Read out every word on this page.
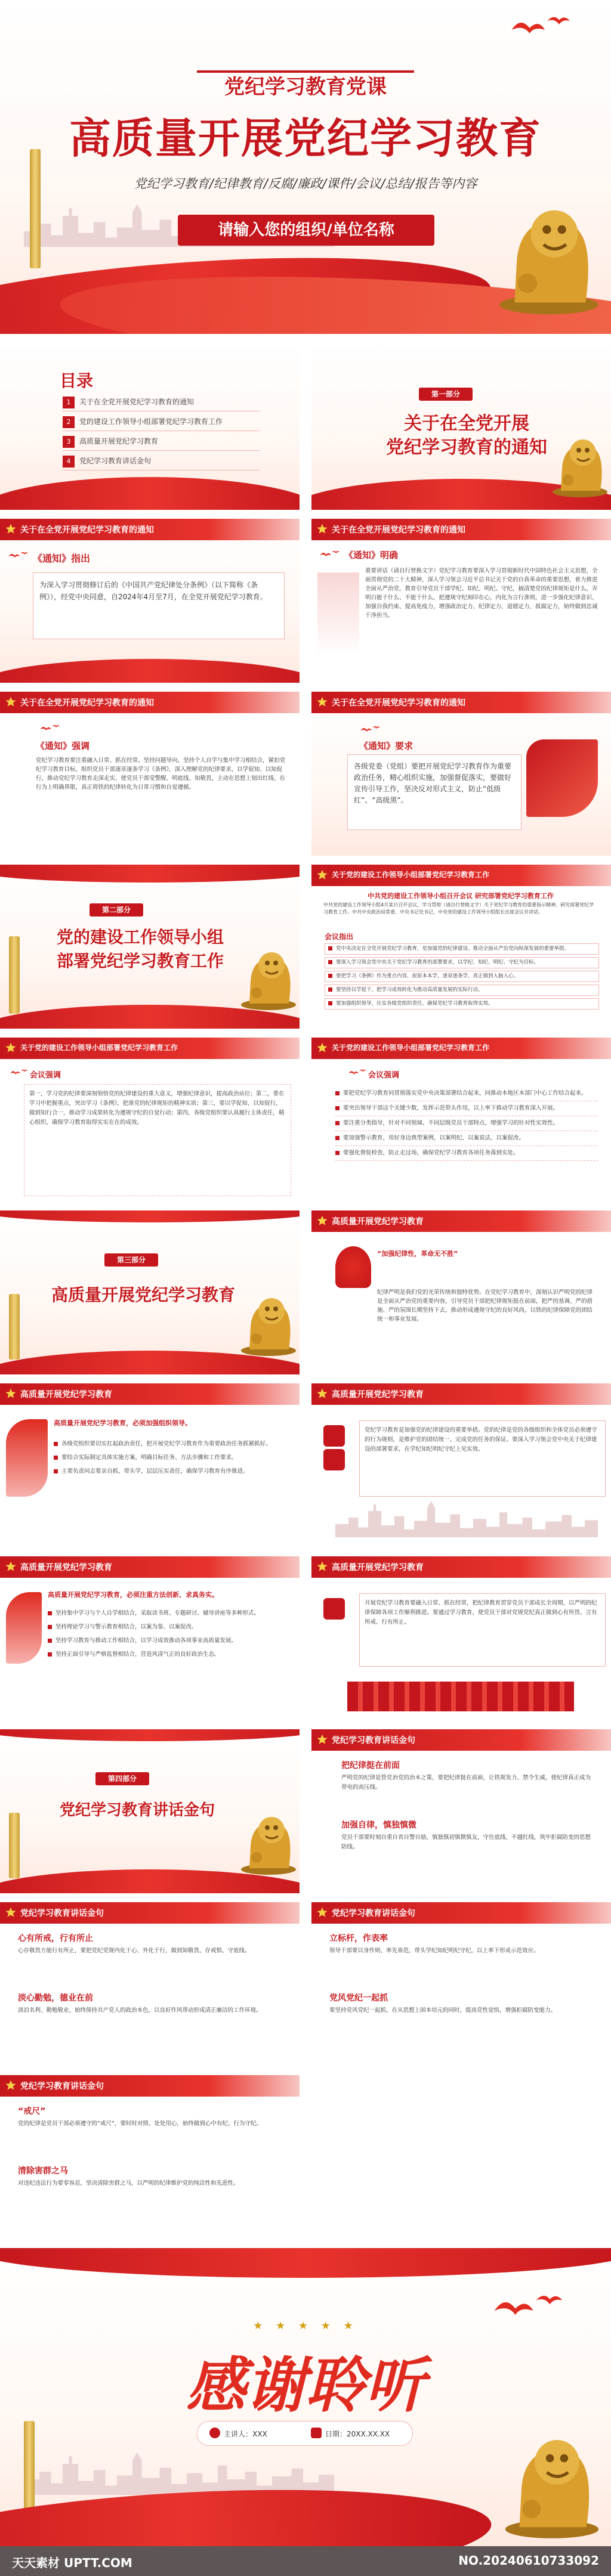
党纪学习教育党课
高质量开展党纪学习教育
党纪学习教育/纪律教育/反腐/廉政/课件/会议/总结/报告等内容
请输入您的组织/单位名称
目录
1 关于在全党开展党纪学习教育的通知
2 党的建设工作领导小组部署党纪学习教育工作
3 高质量开展党纪学习教育
4 党纪学习教育讲话金句
第一部分
关于在全党开展
党纪学习教育的通知
关于在全党开展党纪学习教育的通知
《通知》指出
为深入学习贯彻修订后的《中国共产党纪律处分条例》（以下简称《条例》），经党中央同意，自2024年4月至7月，在全党开展党纪学习教育。
关于在全党开展党纪学习教育的通知
《通知》明确
重要讲话（请自行替换文字）党纪学习教育要深入学习贯彻新时代中国特色社会主义思想，全面贯彻党的二十大精神，深入学习领会习近平总书记关于党的自我革命的重要思想，着力推进全面从严治党，教育引导党员干部学纪、知纪、明纪、守纪，搞清楚党的纪律规矩是什么，弄明白能干什么、不能干什么，把遵规守纪刻印在心，内化为言行准则，进一步强化纪律意识、加强自我约束、提高免疫力，增强政治定力、纪律定力、道德定力、抵腐定力，始终做到忠诚干净担当。
关于在全党开展党纪学习教育的通知
《通知》强调
党纪学习教育要注重融入日常、抓在经常。坚持问题导向，坚持个人自学与集中学习相结合，紧扣党纪学习教育目标，组织党员干部逐章逐条学习《条例》，深入理解党的纪律要求，以学促知、以知促行，推动党纪学习教育走深走实，使党员干部受警醒、明底线、知敬畏，主动在思想上划出红线、在行为上明确界限，真正将铁的纪律转化为日常习惯和自觉遵循。
关于在全党开展党纪学习教育的通知
《通知》要求
各级党委（党组）要把开展党纪学习教育作为重要政治任务，精心组织实施，加强督促落实，要做好宣传引导工作，坚决反对形式主义，防止“低级红”、“高级黑”。
第二部分
党的建设工作领导小组
部署党纪学习教育工作
关于党的建设工作领导小组部署党纪学习教育工作
中共党的建设工作领导小组召开会议 研究部署党纪学习教育工作
中共党的建设工作领导小组4月某日召开会议，学习贯彻（请自行替换文字）关于党纪学习教育的重要指示精神，研究部署党纪学习教育工作。中共中央政治局常委、中央书记处书记、中央党的建设工作领导小组组长出席会议并讲话。
会议指出
党中央决定在全党开展党纪学习教育，是加强党的纪律建设、推动全面从严治党向纵深发展的重要举措。
要深入学习领会党中央关于党纪学习教育的部署要求，以学纪、知纪、明纪、守纪为目标。
要把学习《条例》作为重点内容，原原本本学，逐章逐条学，真正做到入脑入心。
要坚持以学促干，把学习成效转化为推动高质量发展的实际行动。
要加强组织领导，压实各级党组织责任，确保党纪学习教育取得实效。
关于党的建设工作领导小组部署党纪学习教育工作
会议强调
第一，学习党的纪律要深刻领悟党的纪律建设的重大意义，增强纪律意识，提高政治站位；第二，要在学习中把握重点，突出学习《条例》，把准党的纪律规矩的精神实质；第三，要以学促知、以知促行，做到知行合一，推动学习成果转化为遵规守纪的自觉行动；第四，各级党组织要认真履行主体责任，精心组织，确保学习教育取得实实在在的成效。
关于党的建设工作领导小组部署党纪学习教育工作
会议强调
要把党纪学习教育同贯彻落实党中央决策部署结合起来，同推动本地区本部门中心工作结合起来。
要突出领导干部这个关键少数，发挥示范带头作用，以上率下推动学习教育深入开展。
要注重分类指导，针对不同领域、不同层级党员干部特点，增强学习的针对性实效性。
要加强警示教育，用好身边典型案例，以案明纪、以案说法、以案促改。
要强化督促检查，防止走过场，确保党纪学习教育各项任务落到实处。
第三部分
高质量开展党纪学习教育
高质量开展党纪学习教育
“加强纪律性，革命无不胜”
纪律严明是我们党的光荣传统和独特优势。在党纪学习教育中，深刻认识严明党的纪律是全面从严治党的重要内容，引导党员干部把纪律规矩挺在前面，把严的基调、严的措施、严的氛围长期坚持下去，推动形成遵规守纪的良好风尚，以铁的纪律保障党的团结统一和事业发展。
高质量开展党纪学习教育
高质量开展党纪学习教育，必须加强组织领导。
各级党组织要切实扛起政治责任，把开展党纪学习教育作为重要政治任务抓紧抓好。
要结合实际制定具体实施方案，明确目标任务、方法步骤和工作要求。
主要负责同志要亲自抓、带头学，层层压实责任，确保学习教育有序推进。
高质量开展党纪学习教育
党纪学习教育是加强党的纪律建设的重要举措。党的纪律是党的各级组织和全体党员必须遵守的行为规则，是维护党的团结统一、完成党的任务的保证。要深入学习领会党中央关于纪律建设的部署要求，在学纪知纪明纪守纪上见实效。
高质量开展党纪学习教育
高质量开展党纪学习教育，必须注重方法创新、求真务实。
坚持集中学习与个人自学相结合，采取读书班、专题研讨、辅导讲座等多种形式。
坚持理论学习与警示教育相结合，以案为鉴、以案促改。
坚持学习教育与推动工作相结合，以学习成效推动各项事业高质量发展。
坚持正面引导与严格监督相结合，营造风清气正的良好政治生态。
高质量开展党纪学习教育
开展党纪学习教育要融入日常、抓在经常，把纪律教育贯穿党员干部成长全周期，以严明的纪律保障各项工作顺利推进。要通过学习教育，使党员干部对党规党纪真正做到心有所畏、言有所戒、行有所止。
第四部分
党纪学习教育讲话金句
党纪学习教育讲话金句
把纪律挺在前面
严明党的纪律是管党治党的治本之策，要把纪律挺在前面，让铁规发力、禁令生威，使纪律真正成为带电的高压线。
加强自律，慎独慎微
党员干部要时刻自重自省自警自励，慎独慎初慎微慎友，守住底线、不越红线，筑牢拒腐防变的思想防线。
党纪学习教育讲话金句
心有所戒，行有所止
心存敬畏方能行有所止，要把党纪党规内化于心、外化于行，做到知敬畏、存戒惧、守底线。
淡心勤勉，德业在前
淡泊名利、勤勉敬业，始终保持共产党人的政治本色，以良好作风带动形成清正廉洁的工作环境。
党纪学习教育讲话金句
立标杆，作表率
领导干部要以身作则、率先垂范，带头学纪知纪明纪守纪，以上率下形成示范效应。
党风党纪一起抓
要坚持党风党纪一起抓，在从思想上固本培元的同时，提高党性觉悟，增强拒腐防变能力。
党纪学习教育讲话金句
“戒尺”
党的纪律是党员干部必须遵守的“戒尺”，要时时对照、处处用心，始终做到心中有纪、行为守纪。
清除害群之马
对违纪违法行为要零容忍，坚决清除害群之马，以严明的纪律维护党的纯洁性和先进性。
★ ★ ★ ★ ★
感谢聆听
主讲人：XXX	日期：20XX.XX.XX
天天素材 UPTT.COM	NO.20240610733092
